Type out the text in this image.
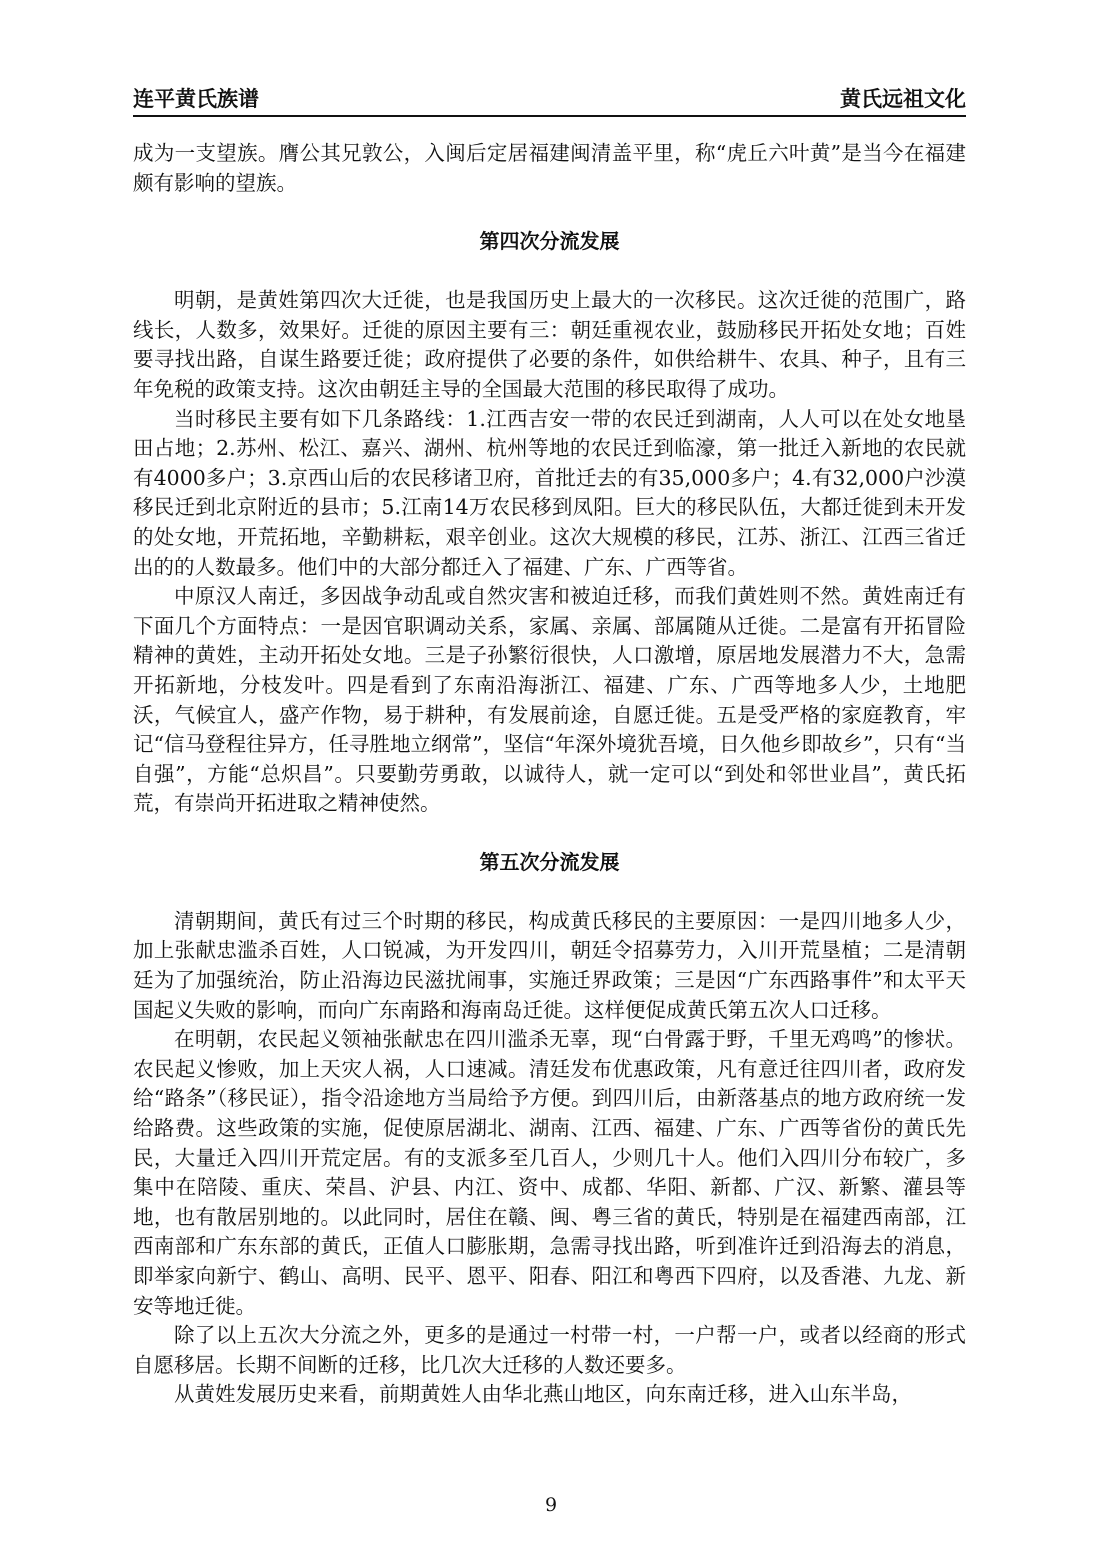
连平黄氏族谱	黄氏远祖文化

成为一支望族。膺公其兄敦公，入闽后定居福建闽清盖平里，称“虎丘六叶黄”是当今在福建颇有影响的望族。

第四次分流发展

明朝，是黄姓第四次大迁徙，也是我国历史上最大的一次移民。这次迁徙的范围广，路线长，人数多，效果好。迁徙的原因主要有三：朝廷重视农业，鼓励移民开拓处女地；百姓要寻找出路，自谋生路要迁徙；政府提供了必要的条件，如供给耕牛、农具、种子，且有三年免税的政策支持。这次由朝廷主导的全国最大范围的移民取得了成功。

当时移民主要有如下几条路线：1.江西吉安一带的农民迁到湖南，人人可以在处女地垦田占地；2.苏州、松江、嘉兴、湖州、杭州等地的农民迁到临濠，第一批迁入新地的农民就有4000多户；3.京西山后的农民移诸卫府，首批迁去的有35,000多户；4.有32,000户沙漠移民迁到北京附近的县市；5.江南14万农民移到凤阳。巨大的移民队伍，大都迁徙到未开发的处女地，开荒拓地，辛勤耕耘，艰辛创业。这次大规模的移民，江苏、浙江、江西三省迁出的的人数最多。他们中的大部分都迁入了福建、广东、广西等省。

中原汉人南迁，多因战争动乱或自然灾害和被迫迁移，而我们黄姓则不然。黄姓南迁有下面几个方面特点：一是因官职调动关系，家属、亲属、部属随从迁徙。二是富有开拓冒险精神的黄姓，主动开拓处女地。三是子孙繁衍很快，人口激增，原居地发展潜力不大，急需开拓新地，分枝发叶。四是看到了东南沿海浙江、福建、广东、广西等地多人少，土地肥沃，气候宜人，盛产作物，易于耕种，有发展前途，自愿迁徙。五是受严格的家庭教育，牢记“信马登程往异方，任寻胜地立纲常”，坚信“年深外境犹吾境，日久他乡即故乡”，只有“当自强”，方能“总炽昌”。只要勤劳勇敢，以诚待人，就一定可以“到处和邻世业昌”，黄氏拓荒，有崇尚开拓进取之精神使然。

第五次分流发展

清朝期间，黄氏有过三个时期的移民，构成黄氏移民的主要原因：一是四川地多人少，加上张献忠滥杀百姓，人口锐减，为开发四川，朝廷令招募劳力，入川开荒垦植；二是清朝廷为了加强统治，防止沿海边民滋扰闹事，实施迁界政策；三是因“广东西路事件”和太平天国起义失败的影响，而向广东南路和海南岛迁徙。这样便促成黄氏第五次人口迁移。

在明朝，农民起义领袖张献忠在四川滥杀无辜，现“白骨露于野，千里无鸡鸣”的惨状。农民起义惨败，加上天灾人祸，人口速减。清廷发布优惠政策，凡有意迁往四川者，政府发给“路条”（移民证），指令沿途地方当局给予方便。到四川后，由新落基点的地方政府统一发给路费。这些政策的实施，促使原居湖北、湖南、江西、福建、广东、广西等省份的黄氏先民，大量迁入四川开荒定居。有的支派多至几百人，少则几十人。他们入四川分布较广，多集中在陪陵、重庆、荣昌、沪县、内江、资中、成都、华阳、新都、广汉、新繁、灌县等地，也有散居别地的。以此同时，居住在赣、闽、粤三省的黄氏，特别是在福建西南部，江西南部和广东东部的黄氏，正值人口膨胀期，急需寻找出路，听到准许迁到沿海去的消息，即举家向新宁、鹤山、高明、民平、恩平、阳春、阳江和粤西下四府，以及香港、九龙、新安等地迁徙。

除了以上五次大分流之外，更多的是通过一村带一村，一户帮一户，或者以经商的形式自愿移居。长期不间断的迁移，比几次大迁移的人数还要多。

从黄姓发展历史来看，前期黄姓人由华北燕山地区，向东南迁移，进入山东半岛，

9
